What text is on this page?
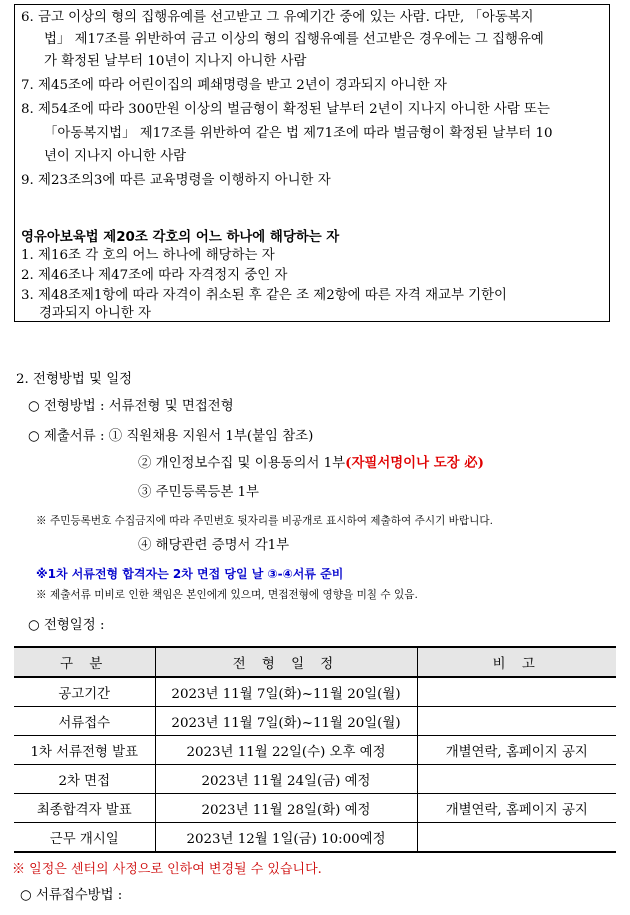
6. 금고 이상의 형의 집행유예를 선고받고 그 유예기간 중에 있는 사람. 다만, 「아동복지
법」 제17조를 위반하여 금고 이상의 형의 집행유예를 선고받은 경우에는 그 집행유예
가 확정된 날부터 10년이 지나지 아니한 사람
7. 제45조에 따라 어린이집의 폐쇄명령을 받고 2년이 경과되지 아니한 자
8. 제54조에 따라 300만원 이상의 벌금형이 확정된 날부터 2년이 지나지 아니한 사람 또는
「아동복지법」 제17조를 위반하여 같은 법 제71조에 따라 벌금형이 확정된 날부터 10
년이 지나지 아니한 사람
9. 제23조의3에 따른 교육명령을 이행하지 아니한 자
영유아보육법 제20조 각호의 어느 하나에 해당하는 자
1. 제16조 각 호의 어느 하나에 해당하는 자
2. 제46조나 제47조에 따라 자격정지 중인 자
3. 제48조제1항에 따라 자격이 취소된 후 같은 조 제2항에 따른 자격 재교부 기한이
경과되지 아니한 자
2. 전형방법 및 일정
○ 전형방법 : 서류전형 및 면접전형
○ 제출서류 : ① 직원채용 지원서 1부(붙임 참조)
② 개인정보수집 및 이용동의서 1부(자필서명이나 도장 必)
③ 주민등록등본 1부
※ 주민등록번호 수집금지에 따라 주민번호 뒷자리를 비공개로 표시하여 제출하여 주시기 바랍니다.
④ 해당관련 증명서 각1부
※1차 서류전형 합격자는 2차 면접 당일 날 ③-④서류 준비
※ 제출서류 미비로 인한 책임은 본인에게 있으며, 면접전형에 영향을 미칠 수 있음.
○ 전형일정 :
구 분	전 형 일 정	비 고
공고기간	2023년 11월 7일(화)~11월 20일(월)	
서류접수	2023년 11월 7일(화)~11월 20일(월)	
1차 서류전형 발표	2023년 11월 22일(수) 오후 예정	개별연락, 홈페이지 공지
2차 면접	2023년 11월 24일(금) 예정	
최종합격자 발표	2023년 11월 28일(화) 예정	개별연락, 홈페이지 공지
근무 개시일	2023년 12월 1일(금) 10:00예정	
※ 일정은 센터의 사정으로 인하여 변경될 수 있습니다.
○ 서류접수방법 :
